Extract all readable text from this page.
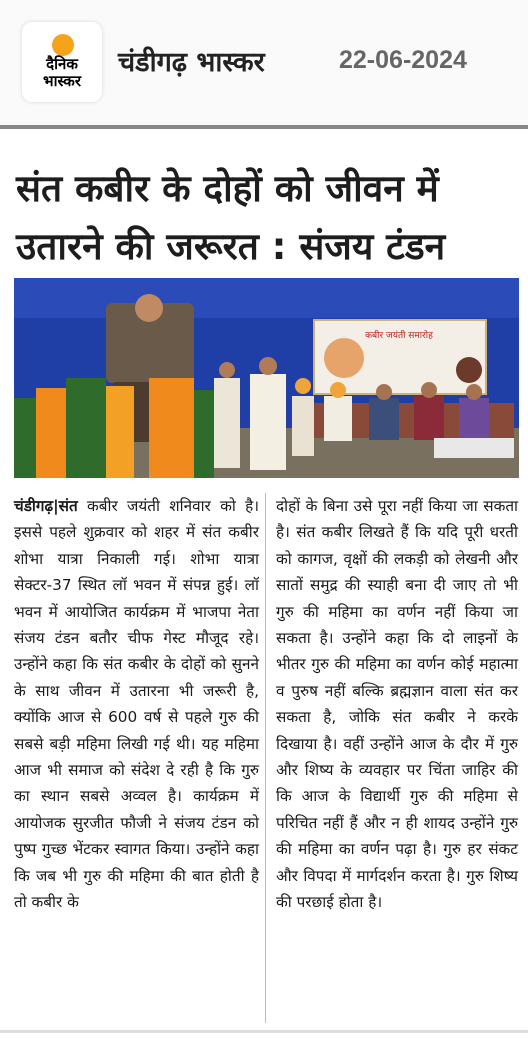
दैनिक
भास्कर
चंडीगढ़ भास्कर	22-06-2024
संत कबीर के दोहों को जीवन में
उतारने की जरूरत : संजय टंडन
कबीर जयंती समारोह
चंडीगढ़|संत कबीर जयंती शनिवार को है। इससे पहले शुक्रवार को शहर में संत कबीर शोभा यात्रा निकाली गई। शोभा यात्रा सेक्टर-37 स्थित लॉ भवन में संपन्न हुई। लॉ भवन में आयोजित कार्यक्रम में भाजपा नेता संजय टंडन बतौर चीफ गेस्ट मौजूद रहे। उन्होंने कहा कि संत कबीर के दोहों को सुनने के साथ जीवन में उतारना भी जरूरी है, क्योंकि आज से 600 वर्ष से पहले गुरु की सबसे बड़ी महिमा लिखी गई थी। यह महिमा आज भी समाज को संदेश दे रही है कि गुरु का स्थान सबसे अव्वल है। कार्यक्रम में आयोजक सुरजीत फौजी ने संजय टंडन को पुष्प गुच्छ भेंटकर स्वागत किया। उन्होंने कहा कि जब भी गुरु की महिमा की बात होती है तो कबीर के
दोहों के बिना उसे पूरा नहीं किया जा सकता है। संत कबीर लिखते हैं कि यदि पूरी धरती को कागज, वृक्षों की लकड़ी को लेखनी और सातों समुद्र की स्याही बना दी जाए तो भी गुरु की महिमा का वर्णन नहीं किया जा सकता है। उन्होंने कहा कि दो लाइनों के भीतर गुरु की महिमा का वर्णन कोई महात्मा व पुरुष नहीं बल्कि ब्रह्मज्ञान वाला संत कर सकता है, जोकि संत कबीर ने करके दिखाया है। वहीं उन्होंने आज के दौर में गुरु और शिष्य के व्यवहार पर चिंता जाहिर की कि आज के विद्यार्थी गुरु की महिमा से परिचित नहीं हैं और न ही शायद उन्होंने गुरु की महिमा का वर्णन पढ़ा है। गुरु हर संकट और विपदा में मार्गदर्शन करता है। गुरु शिष्य की परछाई होता है।
